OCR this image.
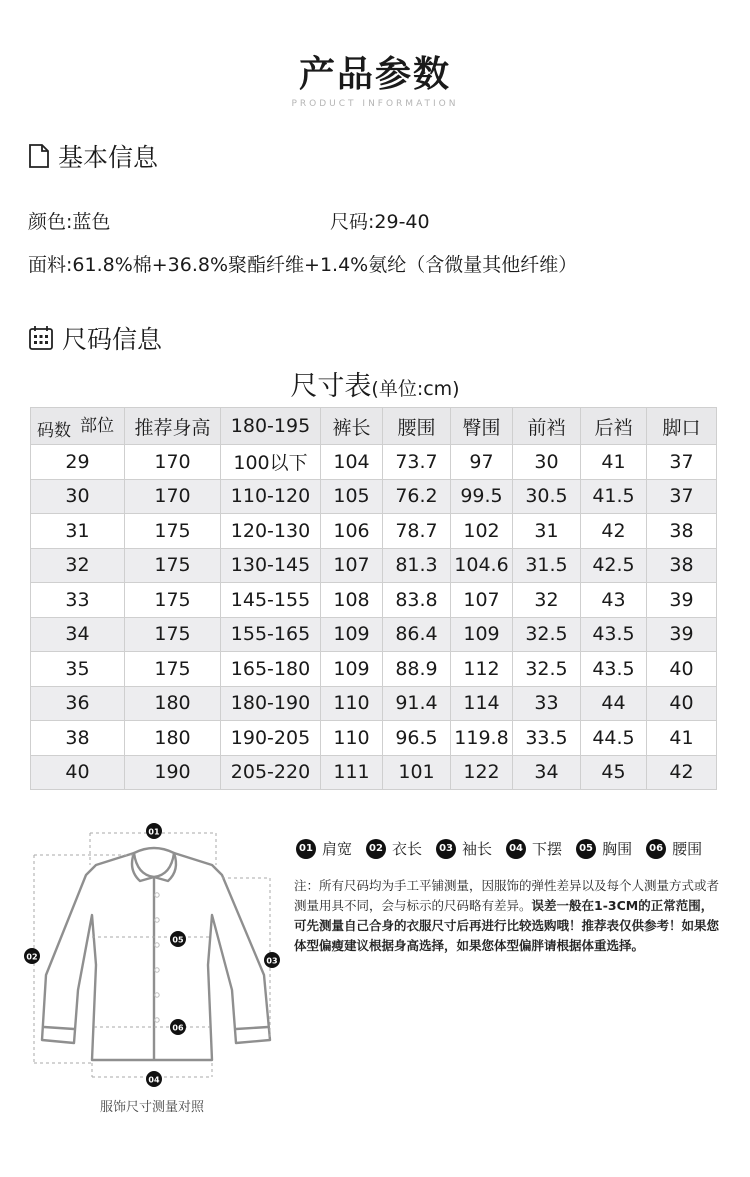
产品参数
PRODUCT INFORMATION
基本信息
颜色:蓝色	尺码:29-40
面料:61.8%棉+36.8%聚酯纤维+1.4%氨纶（含微量其他纤维）
尺码信息
尺寸表(单位:cm)
部位
码数	推荐身高	180-195	裤长	腰围	臀围	前裆	后裆	脚口
29	170	100以下	104	73.7	97	30	41	37
30	170	110-120	105	76.2	99.5	30.5	41.5	37
31	175	120-130	106	78.7	102	31	42	38
32	175	130-145	107	81.3	104.6	31.5	42.5	38
33	175	145-155	108	83.8	107	32	43	39
34	175	155-165	109	86.4	109	32.5	43.5	39
35	175	165-180	109	88.9	112	32.5	43.5	40
36	180	180-190	110	91.4	114	33	44	40
38	180	190-205	110	96.5	119.8	33.5	44.5	41
40	190	205-220	111	101	122	34	45	42
01
02	03
04
05
06
服饰尺寸测量对照
01 肩宽	02 衣长	03 袖长	04 下摆	05 胸围	06 腰围
注：所有尺码均为手工平铺测量，因服饰的弹性差异以及每个人测量方式或者测量用具不同，会与标示的尺码略有差异。误差一般在1-3CM的正常范围，可先测量自己合身的衣服尺寸后再进行比较选购哦！推荐表仅供参考！如果您体型偏瘦建议根据身高选择，如果您体型偏胖请根据体重选择。
